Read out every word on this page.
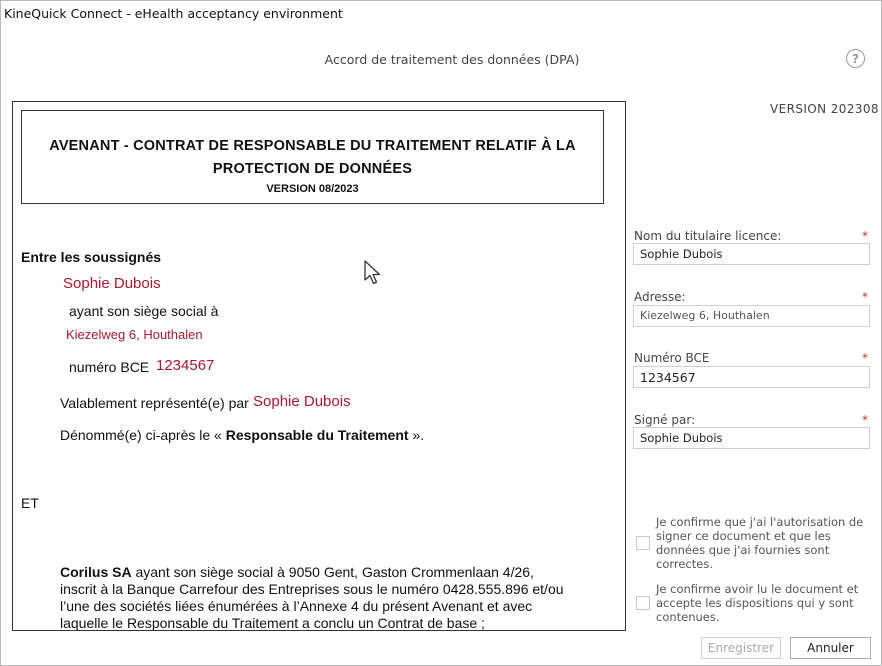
KineQuick Connect - eHealth acceptancy environment
Accord de traitement des données (DPA)	?
VERSION 202308
AVENANT - CONTRAT DE RESPONSABLE DU TRAITEMENT RELATIF À LA
PROTECTION DE DONNÉES
VERSION 08/2023
Entre les soussignés
Sophie Dubois
ayant son siège social à
Kiezelweg 6, Houthalen
numéro BCE 1234567
Valablement représenté(e) par Sophie Dubois
Dénommé(e) ci-après le « Responsable du Traitement ».
ET
Corilus SA ayant son siège social à 9050 Gent, Gaston Crommenlaan 4/26,
inscrit à la Banque Carrefour des Entreprises sous le numéro 0428.555.896 et/ou
l’une des sociétés liées énumérées à l’Annexe 4 du présent Avenant et avec
laquelle le Responsable du Traitement a conclu un Contrat de base ;
Nom du titulaire licence:	*
Sophie Dubois
Adresse:	*
Kiezelweg 6, Houthalen
Numéro BCE	*
1234567
Signé par:	*
Sophie Dubois
Je confirme que j'ai l'autorisation de signer ce document et que les données que j'ai fournies sont correctes.
Je confirme avoir lu le document et accepte les dispositions qui y sont contenues.
Enregistrer	Annuler
